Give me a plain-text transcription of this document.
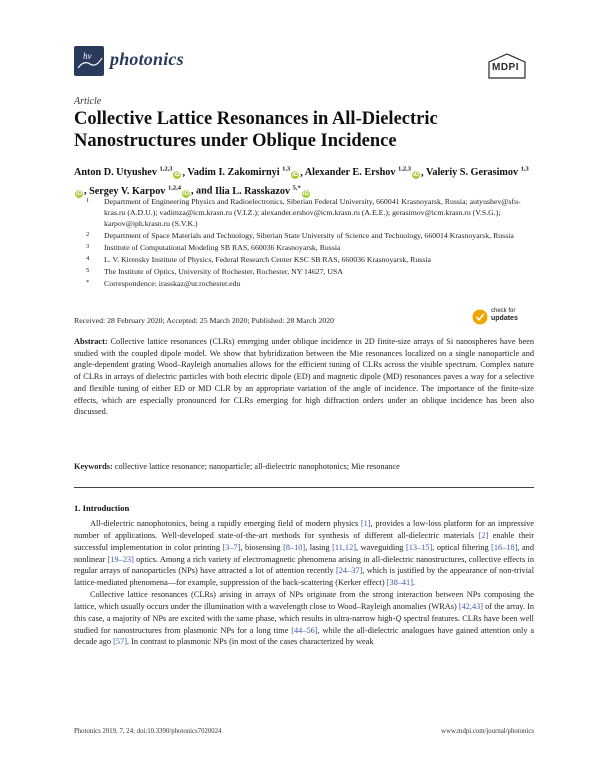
hv photonics	MDPI
Article
Collective Lattice Resonances in All-Dielectric Nanostructures under Oblique Incidence
Anton D. Utyushev $^{1,2,3}$iD , Vadim I. Zakomirnyi $^{1,3}$iD , Alexander E. Ershov $^{1,2,3}$iD , Valeriy S. Gerasimov $^{1,3}$iD , Sergey V. Karpov $^{1,2,4}$iD , and Ilia L. Rasskazov $^{5,*}$iD
1 Department of Engineering Physics and Radioelectronics, Siberian Federal University, 660041 Krasnoyarsk, Russia; autyushev@sfu-kras.ru (A.D.U.); vadimza@icm.krasn.ru (V.I.Z.); alexander.ershov@icm.krasn.ru (A.E.E.); gerasimov@icm.krasn.ru (V.S.G.); karpov@iph.krasn.ru (S.V.K.)
2 Department of Space Materials and Technology, Siberian State University of Science and Technology, 660014 Krasnoyarsk, Russia
3 Institute of Computational Modeling SB RAS, 660036 Krasnoyarsk, Russia
4 L. V. Kirensky Institute of Physics, Federal Research Center KSC SB RAS, 660036 Krasnoyarsk, Russia
5 The Institute of Optics, University of Rochester, Rochester, NY 14627, USA
* Correspondence: irasskaz@ur.rochester.edu
Received: 28 February 2020; Accepted: 25 March 2020; Published: 28 March 2020
check for
updates
Abstract: Collective lattice resonances (CLRs) emerging under oblique incidence in 2D finite-size arrays of Si nanospheres have been studied with the coupled dipole model. We show that hybridization between the Mie resonances localized on a single nanoparticle and angle-dependent grating Wood–Rayleigh anomalies allows for the efficient tuning of CLRs across the visible spectrum. Complex nature of CLRs in arrays of dielectric particles with both electric dipole (ED) and magnetic dipole (MD) resonances paves a way for a selective and flexible tuning of either ED or MD CLR by an appropriate variation of the angle of incidence. The importance of the finite-size effects, which are especially pronounced for CLRs emerging for high diffraction orders under an oblique incidence has been also discussed.
Keywords: collective lattice resonance; nanoparticle; all-dielectric nanophotonics; Mie resonance
1. Introduction

All-dielectric nanophotonics, being a rapidly emerging field of modern physics [1], provides a low-loss platform for an impressive number of applications. Well-developed state-of-the-art methods for synthesis of different all-dielectric materials [2] enable their successful implementation in color printing [3–7], biosensing [8–10], lasing [11,12], waveguiding [13–15], optical filtering [16–18], and nonlinear [19–23] optics. Among a rich variety of electromagnetic phenomena arising in all-dielectric nanostructures, collective effects in regular arrays of nanoparticles (NPs) have attracted a lot of attention recently [24–37], which is justified by the appearance of non-trivial lattice-mediated phenomena—for example, suppression of the back-scattering (Kerker effect) [38–41].

Collective lattice resonances (CLRs) arising in arrays of NPs originate from the strong interaction between NPs composing the lattice, which usually occurs under the illumination with a wavelength close to Wood–Rayleigh anomalies (WRAs) [42,43] of the array. In this case, a majority of NPs are excited with the same phase, which results in ultra-narrow high-Q spectral features. CLRs have been well studied for nanostructures from plasmonic NPs for a long time [44–56], while the all-dielectric analogues have gained attention only a decade ago [57]. In contrast to plasmonic NPs (in most of the cases characterized by weak

Photonics 2019, 7, 24; doi:10.3390/photonics7020024	www.mdpi.com/journal/photonics
